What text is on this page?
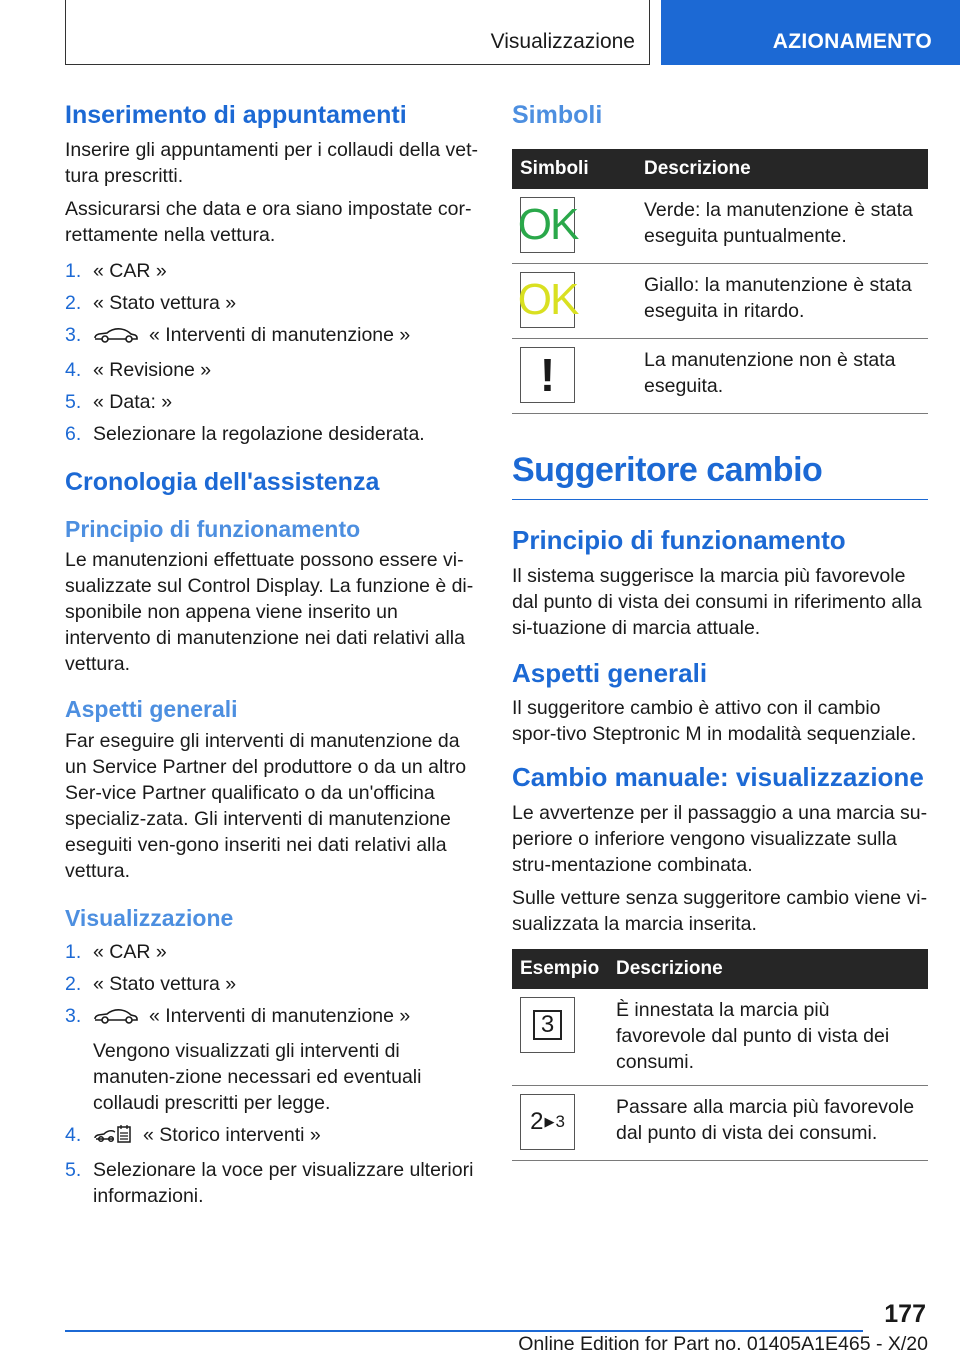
Visualizzazione	AZIONAMENTO
Inserimento di appuntamenti

Inserire gli appuntamenti per i collaudi della vet-tura prescritti.

Assicurarsi che data e ora siano impostate cor-rettamente nella vettura.

1. « CAR »
2. « Stato vettura »
3.	« Interventi di manutenzione »
4. « Revisione »
5. « Data: »
6. Selezionare la regolazione desiderata.
Cronologia dell'assistenza
Principio di funzionamento

Le manutenzioni effettuate possono essere vi-sualizzate sul Control Display. La funzione è di-sponibile non appena viene inserito un intervento di manutenzione nei dati relativi alla vettura.

Aspetti generali

Far eseguire gli interventi di manutenzione da un Service Partner del produttore o da un altro Ser-vice Partner qualificato o da un'officina specializ-zata. Gli interventi di manutenzione eseguiti ven-gono inseriti nei dati relativi alla vettura.

Visualizzazione
1. « CAR »
2. « Stato vettura »
3.	« Interventi di manutenzione »
Vengono visualizzati gli interventi di manuten-zione necessari ed eventuali collaudi prescritti per legge.
4.	« Storico interventi »
5. Selezionare la voce per visualizzare ulteriori informazioni.
Simboli
Simboli	Descrizione

OK	Verde: la manutenzione è stata eseguita puntualmente.

OK	Giallo: la manutenzione è stata eseguita in ritardo.

!	La manutenzione non è stata eseguita.
Suggeritore cambio
Principio di funzionamento

Il sistema suggerisce la marcia più favorevole dal punto di vista dei consumi in riferimento alla si-tuazione di marcia attuale.

Aspetti generali

Il suggeritore cambio è attivo con il cambio spor-tivo Steptronic M in modalità sequenziale.

Cambio manuale: visualizzazione

Le avvertenze per il passaggio a una marcia su-periore o inferiore vengono visualizzate sulla stru-mentazione combinata.

Sulle vetture senza suggeritore cambio viene vi-sualizzata la marcia inserita.

Esempio	Descrizione

3	È innestata la marcia più favorevole dal punto di vista dei consumi.

2 ▶ 3	Passare alla marcia più favorevole dal punto di vista dei consumi.
177
Online Edition for Part no. 01405A1E465 - X/20
